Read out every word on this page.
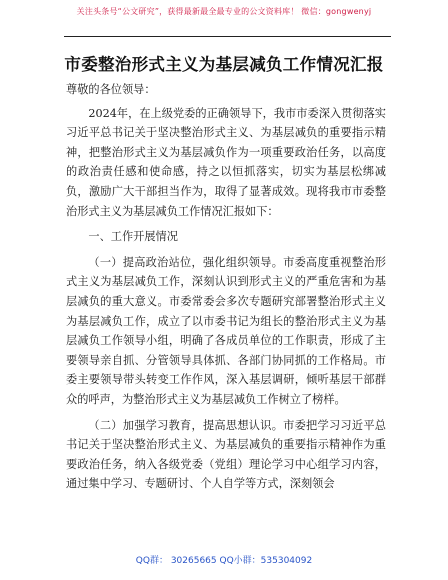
关注头条号“公文研究”，获得最新最全最专业的公文资料库！ 微信：gongwenyj
市委整治形式主义为基层减负工作情况汇报

尊敬的各位领导：

2024年，在上级党委的正确领导下，我市市委深入贯彻落实习近平总书记关于坚决整治形式主义、为基层减负的重要指示精神，把整治形式主义为基层减负作为一项重要政治任务，以高度的政治责任感和使命感，持之以恒抓落实，切实为基层松绑减负，激励广大干部担当作为，取得了显著成效。现将我市市委整治形式主义为基层减负工作情况汇报如下：

一、工作开展情况

（一）提高政治站位，强化组织领导。市委高度重视整治形式主义为基层减负工作，深刻认识到形式主义的严重危害和为基层减负的重大意义。市委常委会多次专题研究部署整治形式主义为基层减负工作，成立了以市委书记为组长的整治形式主义为基层减负工作领导小组，明确了各成员单位的工作职责，形成了主要领导亲自抓、分管领导具体抓、各部门协同抓的工作格局。市委主要领导带头转变工作作风，深入基层调研，倾听基层干部群众的呼声，为整治形式主义为基层减负工作树立了榜样。

（二）加强学习教育，提高思想认识。市委把学习习近平总书记关于坚决整治形式主义、为基层减负的重要指示精神作为重要政治任务，纳入各级党委（党组）理论学习中心组学习内容，通过集中学习、专题研讨、个人自学等方式，深刻领会

QQ群： 30265665 QQ小群：535304092
